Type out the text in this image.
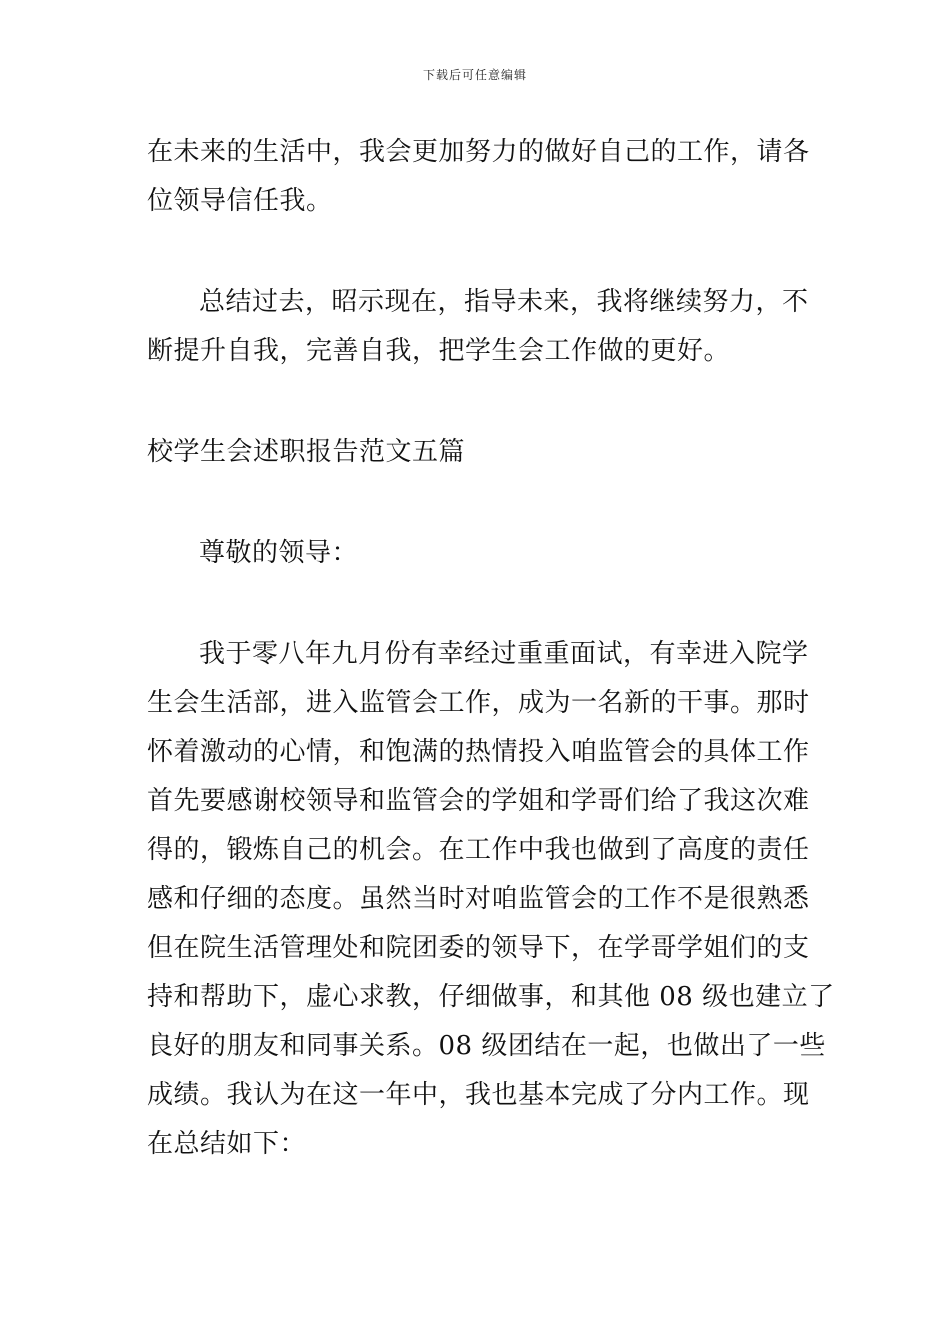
下载后可任意编辑
在未来的生活中，我会更加努力的做好自己的工作，请各
位领导信任我。
总结过去，昭示现在，指导未来，我将继续努力，不
断提升自我，完善自我，把学生会工作做的更好。
校学生会述职报告范文五篇
尊敬的领导：
我于零八年九月份有幸经过重重面试，有幸进入院学
生会生活部，进入监管会工作，成为一名新的干事。那时
怀着激动的心情，和饱满的热情投入咱监管会的具体工作
首先要感谢校领导和监管会的学姐和学哥们给了我这次难
得的，锻炼自己的机会。在工作中我也做到了高度的责任
感和仔细的态度。虽然当时对咱监管会的工作不是很熟悉
但在院生活管理处和院团委的领导下，在学哥学姐们的支
持和帮助下，虚心求教，仔细做事，和其他 08 级也建立了
良好的朋友和同事关系。08 级团结在一起，也做出了一些
成绩。我认为在这一年中，我也基本完成了分内工作。现
在总结如下：
